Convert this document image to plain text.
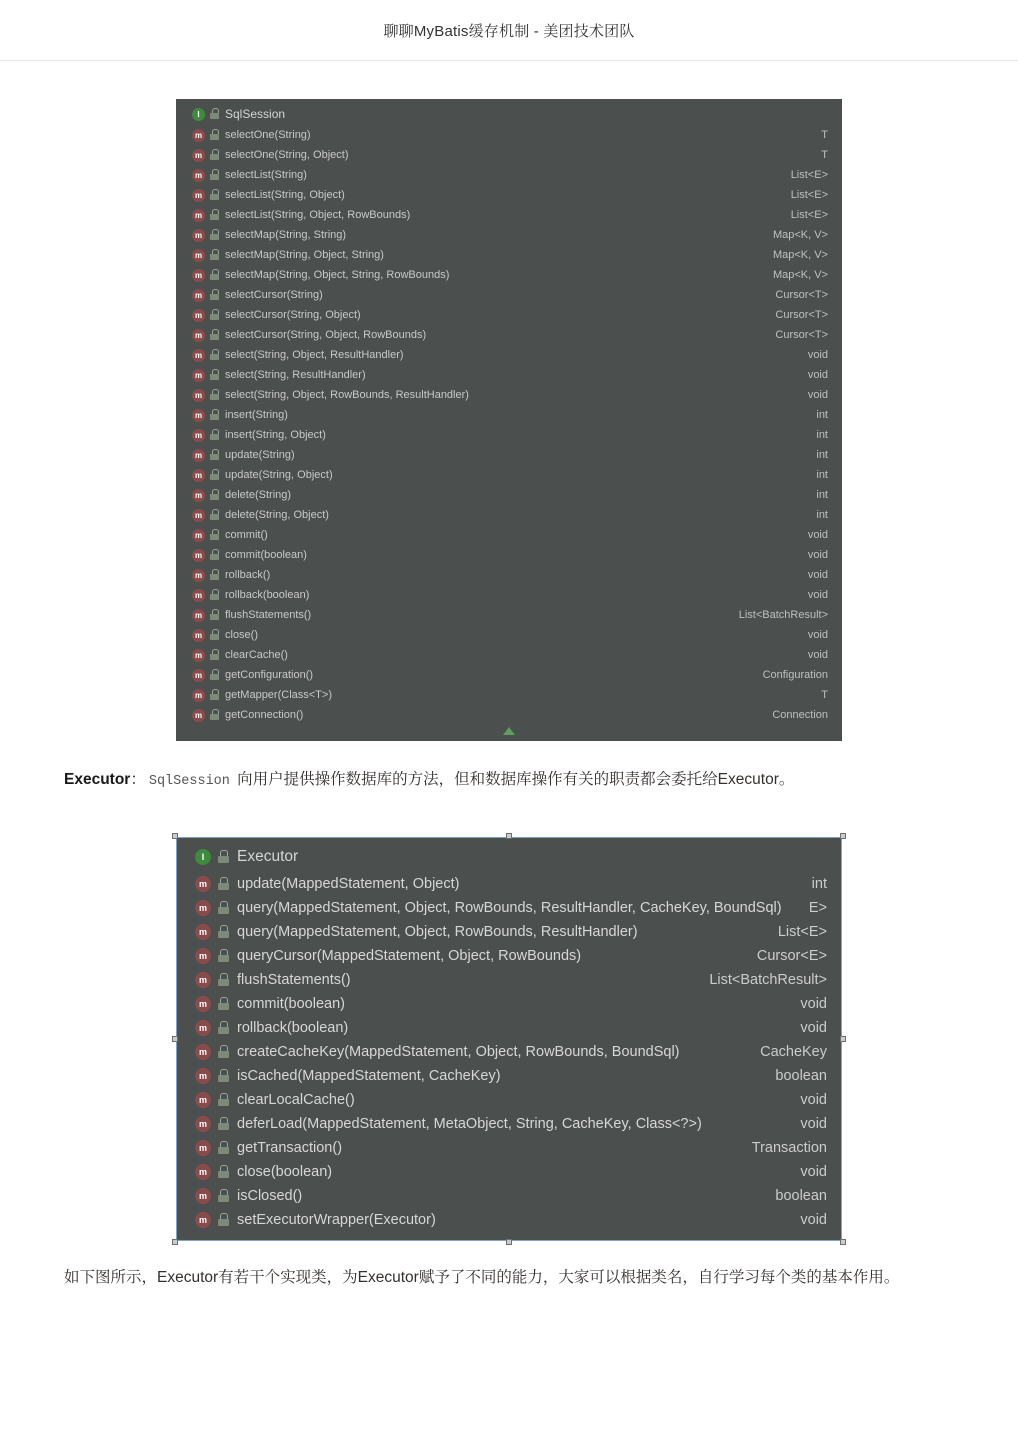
聊聊MyBatis缓存机制 - 美团技术团队
I	SqlSession
m selectOne(String)	T
m selectOne(String, Object)	T
m selectList(String)	List<E>
m selectList(String, Object)	List<E>
m selectList(String, Object, RowBounds)	List<E>
m selectMap(String, String)	Map<K, V>
m selectMap(String, Object, String)	Map<K, V>
m selectMap(String, Object, String, RowBounds)	Map<K, V>
m selectCursor(String)	Cursor<T>
m selectCursor(String, Object)	Cursor<T>
m selectCursor(String, Object, RowBounds)	Cursor<T>
m select(String, Object, ResultHandler)	void
m select(String, ResultHandler)	void
m select(String, Object, RowBounds, ResultHandler)	void
m insert(String)	int
m insert(String, Object)	int
m update(String)	int
m update(String, Object)	int
m delete(String)	int
m delete(String, Object)	int
m commit()	void
m commit(boolean)	void
m rollback()	void
m rollback(boolean)	void
m flushStatements()	List<BatchResult>
m close()	void
m clearCache()	void
m getConfiguration()	Configuration
m getMapper(Class<T>)	T
m getConnection()	Connection

Executor： SqlSession 向用户提供操作数据库的方法，但和数据库操作有关的职责都会委托给Executor。

I	Executor
m update(MappedStatement, Object)	int
m query(MappedStatement, Object, RowBounds, ResultHandler, CacheKey, BoundSql)	E>
m query(MappedStatement, Object, RowBounds, ResultHandler)	List<E>
m queryCursor(MappedStatement, Object, RowBounds)	Cursor<E>
m flushStatements()	List<BatchResult>
m commit(boolean)	void
m rollback(boolean)	void
m createCacheKey(MappedStatement, Object, RowBounds, BoundSql)	CacheKey
m isCached(MappedStatement, CacheKey)	boolean
m clearLocalCache()	void
m deferLoad(MappedStatement, MetaObject, String, CacheKey, Class<?>)	void
m getTransaction()	Transaction
m close(boolean)	void
m isClosed()	boolean
m setExecutorWrapper(Executor)	void

如下图所示，Executor有若干个实现类，为Executor赋予了不同的能力，大家可以根据类名，自行学习每个类的基本作用。
